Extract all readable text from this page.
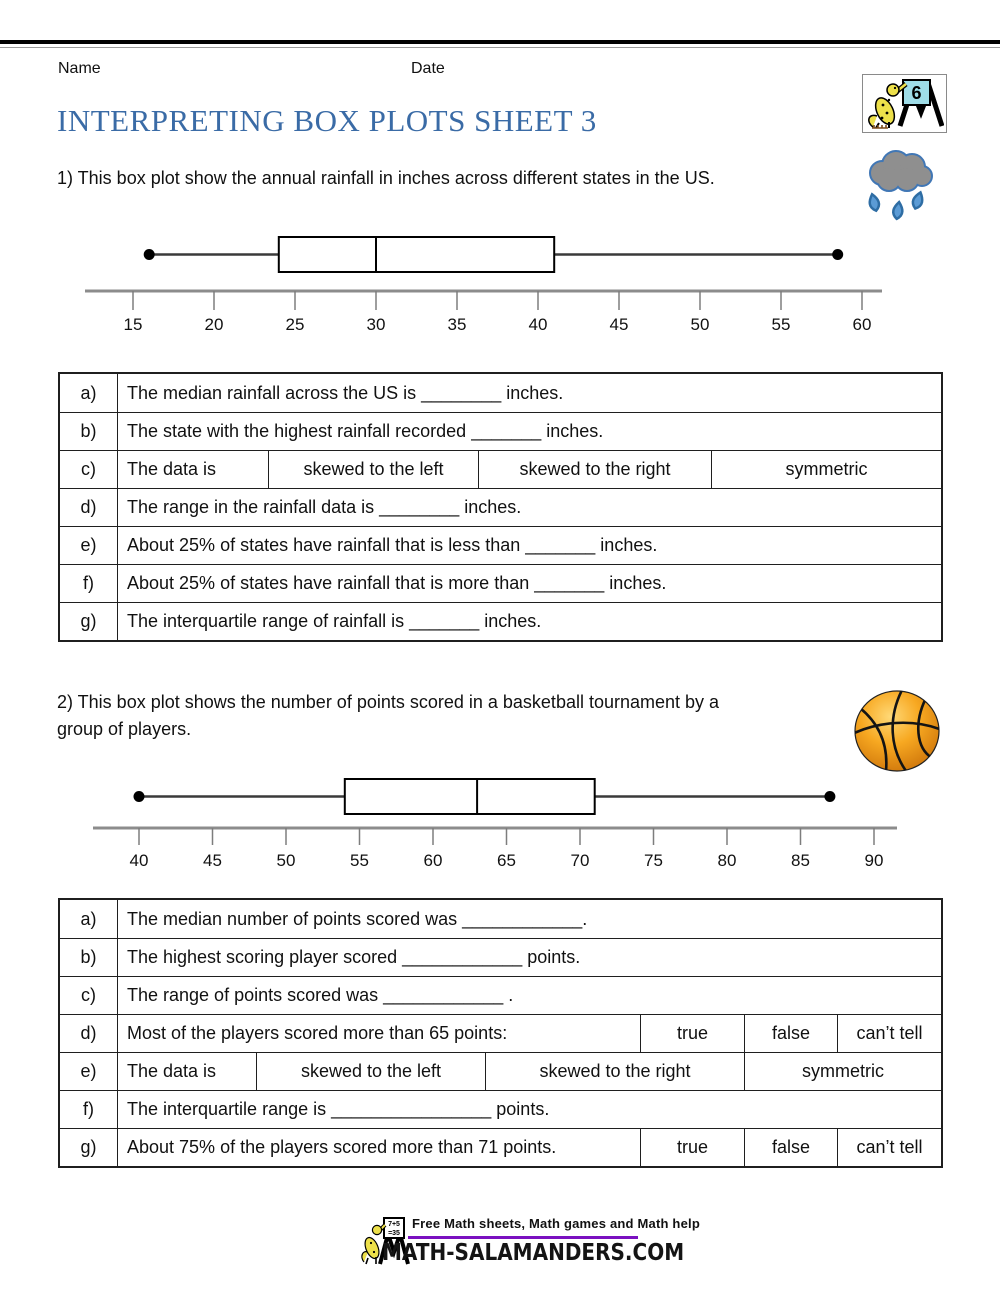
Name	Date
6
INTERPRETING BOX PLOTS SHEET 3
1) This box plot show the annual rainfall in inches across different states in the US.
15	20	25	30	35	40	45	50	55	60
a)	The median rainfall across the US is ________ inches.
b)	The state with the highest rainfall recorded _______ inches.
c)	The data is	skewed to the left	skewed to the right	symmetric
d)	The range in the rainfall data is ________ inches.
e)	About 25% of states have rainfall that is less than _______ inches.
f)	About 25% of states have rainfall that is more than _______ inches.
g)	The interquartile range of rainfall is _______ inches.
2) This box plot shows the number of points scored in a basketball tournament by a
group of players.
40	45	50	55	60	65	70	75	80	85	90
a)	The median number of points scored was ____________.
b)	The highest scoring player scored ____________ points.
c)	The range of points scored was ____________ .
d)	Most of the players scored more than 65 points:	true	false	can’t tell
e)	The data is	skewed to the left	skewed to the right	symmetric
f)	The interquartile range is ________________ points.
g)	About 75% of the players scored more than 71 points.	true	false	can’t tell
7+5
=35
Free Math sheets, Math games and Math help
MATH-SALAMANDERS.COM
